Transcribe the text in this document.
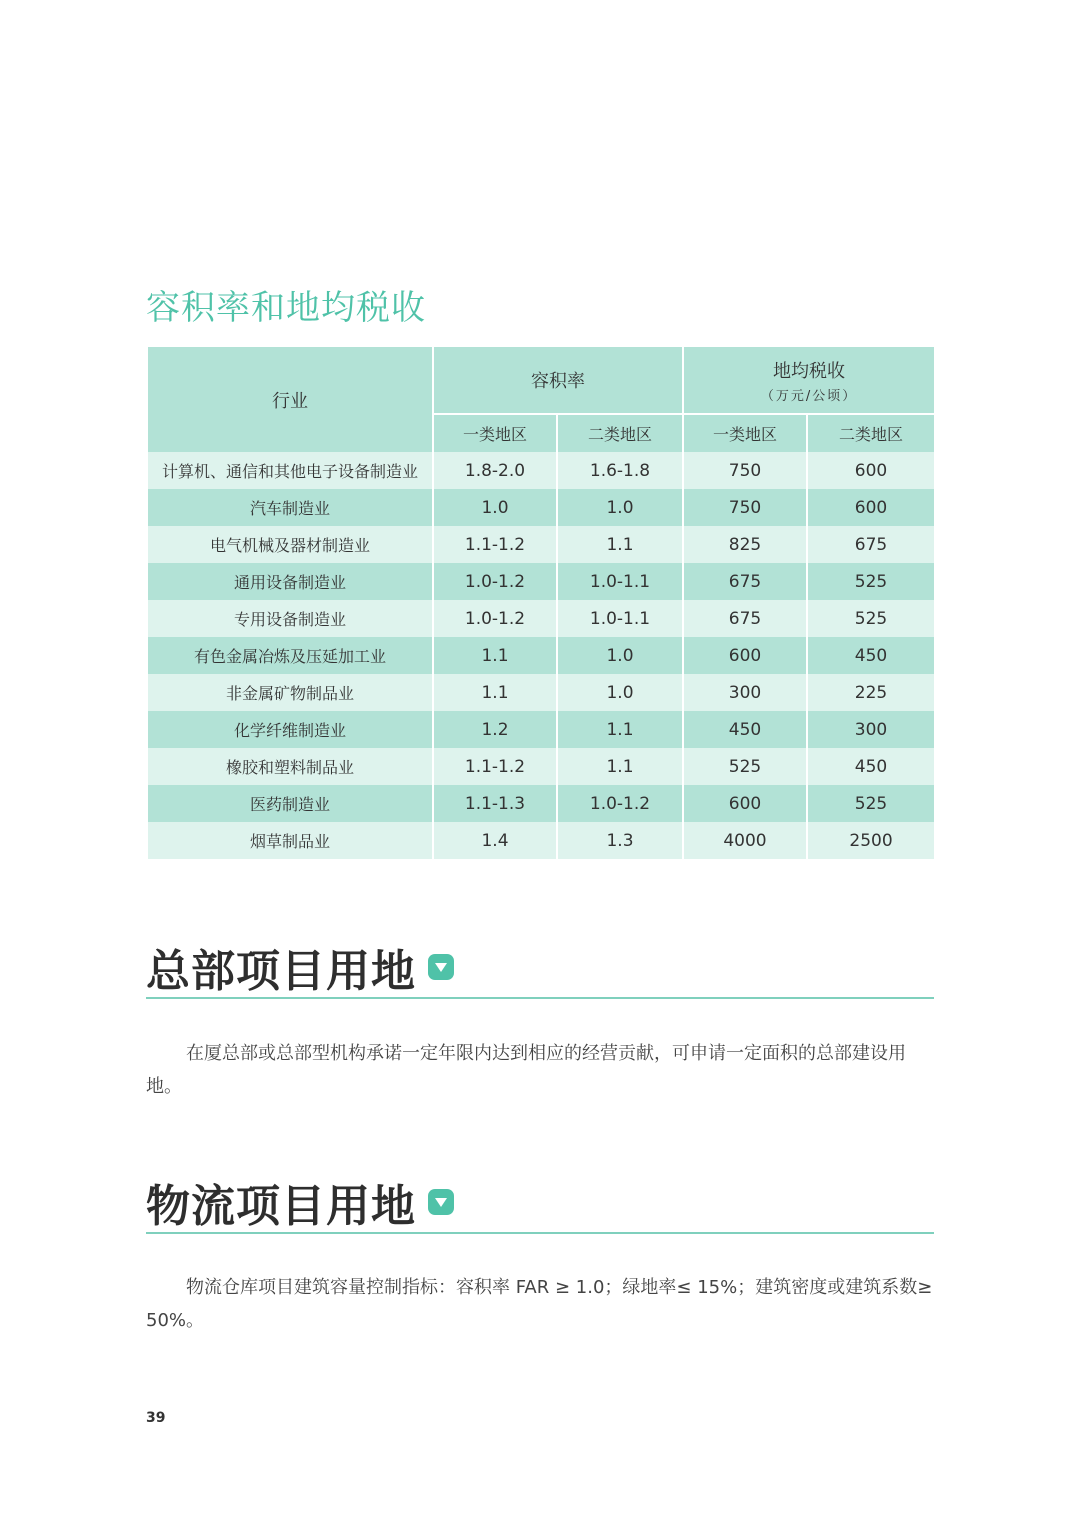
容积率和地均税收
行业	容积率		地均税收
（万元/公顷）	

	一类地区	二类地区	一类地区	二类地区
计算机、通信和其他电子设备制造业	1.8-2.0	1.6-1.8	750	600
汽车制造业	1.0	1.0	750	600
电气机械及器材制造业	1.1-1.2	1.1	825	675
通用设备制造业	1.0-1.2	1.0-1.1	675	525
专用设备制造业	1.0-1.2	1.0-1.1	675	525
有色金属冶炼及压延加工业	1.1	1.0	600	450
非金属矿物制品业	1.1	1.0	300	225
化学纤维制造业	1.2	1.1	450	300
橡胶和塑料制品业	1.1-1.2	1.1	525	450
医药制造业	1.1-1.3	1.0-1.2	600	525
烟草制品业	1.4	1.3	4000	2500
总部项目用地

在厦总部或总部型机构承诺一定年限内达到相应的经营贡献，可申请一定面积的总部建设用地。

物流项目用地

物流仓库项目建筑容量控制指标：容积率 FAR ≥ 1.0；绿地率≤ 15%；建筑密度或建筑系数≥ 50%。

39
